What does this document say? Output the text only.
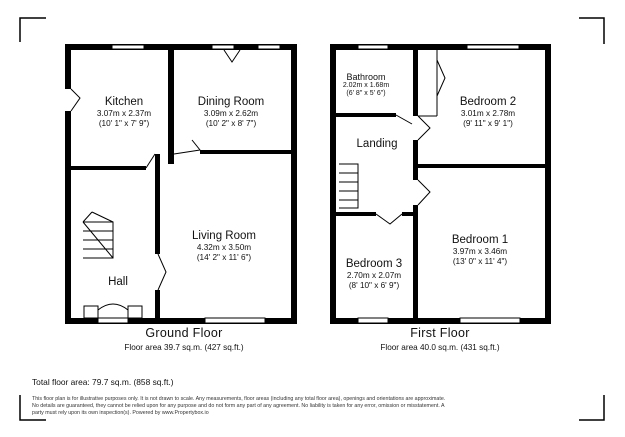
Kitchen
3.07m x 2.37m
(10' 1" x 7' 9")
Dining Room
3.09m x 2.62m
(10' 2" x 8' 7")
Living Room
4.32m x 3.50m
(14' 2" x 11' 6")
Hall
Bathroom
2.02m x 1.68m
(6' 8" x 5' 6")
Bedroom 2
3.01m x 2.78m
(9' 11" x 9' 1")
Landing
Bedroom 1
3.97m x 3.46m
(13' 0" x 11' 4")
Bedroom 3
2.70m x 2.07m
(8' 10" x 6' 9")
Ground Floor
Floor area 39.7 sq.m. (427 sq.ft.)
First Floor
Floor area 40.0 sq.m. (431 sq.ft.)
Total floor area: 79.7 sq.m. (858 sq.ft.)
This floor plan is for illustrative purposes only. It is not drawn to scale. Any measurements, floor areas (including any total floor area), openings and orientations are approximate. No details are guaranteed, they cannot be relied upon for any purpose and do not form any part of any agreement. No liability is taken for any error, omission or misstatement. A party must rely upon its own inspection(s). Powered by www.Propertybox.io
